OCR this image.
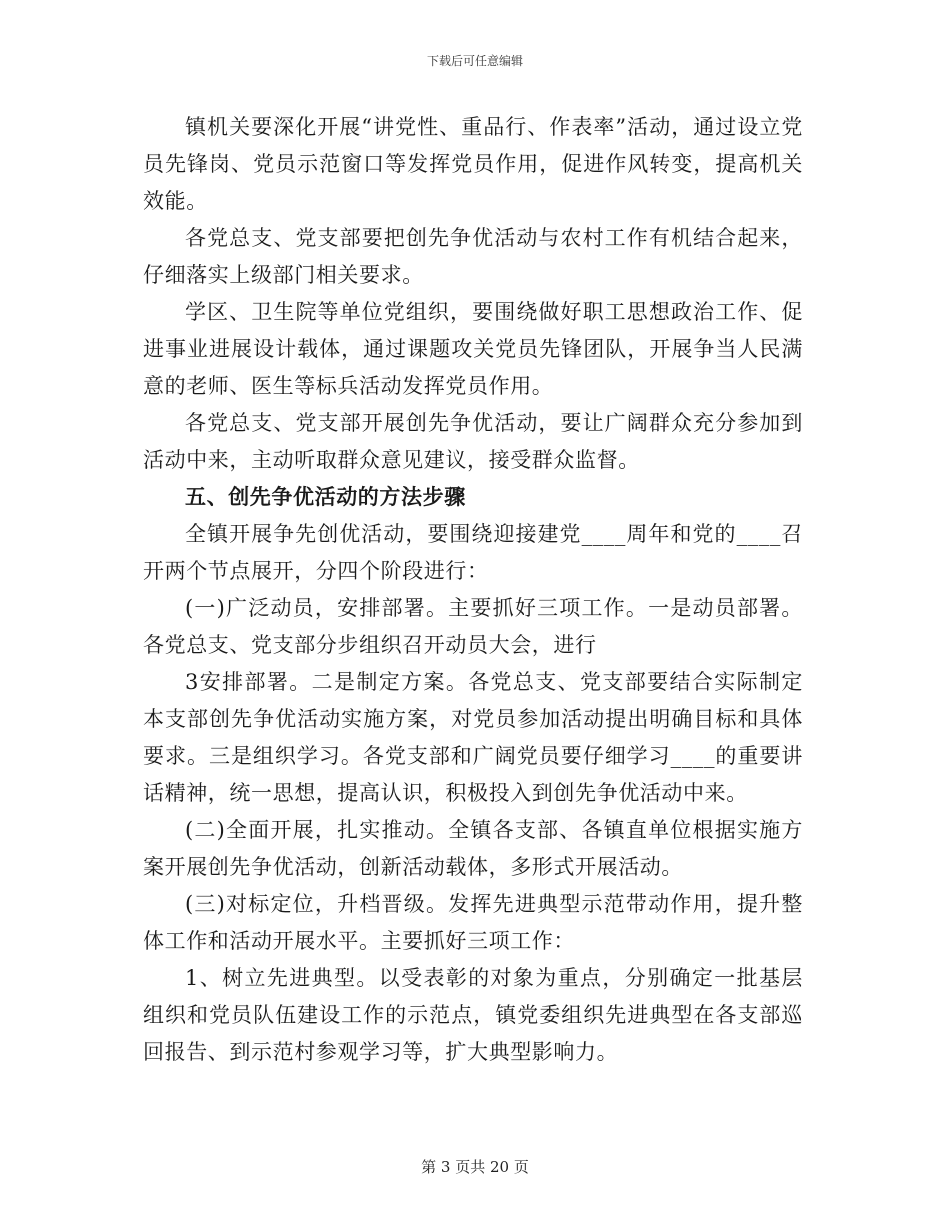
下载后可任意编辑

镇机关要深化开展“讲党性、重品行、作表率”活动，通过设立党员先锋岗、党员示范窗口等发挥党员作用，促进作风转变，提高机关效能。

各党总支、党支部要把创先争优活动与农村工作有机结合起来，仔细落实上级部门相关要求。

学区、卫生院等单位党组织，要围绕做好职工思想政治工作、促进事业进展设计载体，通过课题攻关党员先锋团队，开展争当人民满意的老师、医生等标兵活动发挥党员作用。

各党总支、党支部开展创先争优活动，要让广阔群众充分参加到活动中来，主动听取群众意见建议，接受群众监督。

五、创先争优活动的方法步骤

全镇开展争先创优活动，要围绕迎接建党____周年和党的____召开两个节点展开，分四个阶段进行：

(一)广泛动员，安排部署。主要抓好三项工作。一是动员部署。各党总支、党支部分步组织召开动员大会，进行

3安排部署。二是制定方案。各党总支、党支部要结合实际制定本支部创先争优活动实施方案，对党员参加活动提出明确目标和具体要求。三是组织学习。各党支部和广阔党员要仔细学习____的重要讲话精神，统一思想，提高认识，积极投入到创先争优活动中来。

(二)全面开展，扎实推动。全镇各支部、各镇直单位根据实施方案开展创先争优活动，创新活动载体，多形式开展活动。

(三)对标定位，升档晋级。发挥先进典型示范带动作用，提升整体工作和活动开展水平。主要抓好三项工作：

1、树立先进典型。以受表彰的对象为重点，分别确定一批基层组织和党员队伍建设工作的示范点，镇党委组织先进典型在各支部巡回报告、到示范村参观学习等，扩大典型影响力。

第 3 页共 20 页
